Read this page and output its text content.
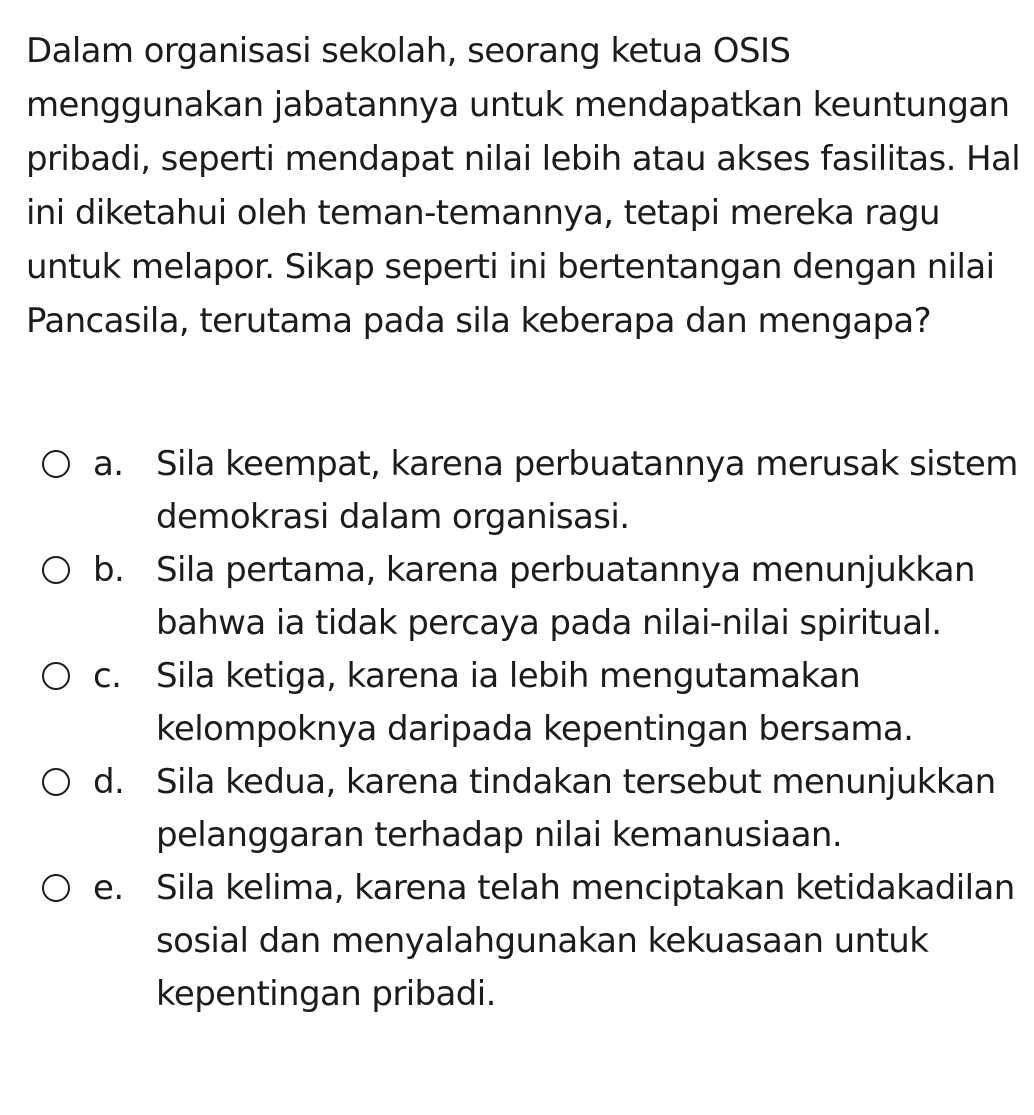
Dalam organisasi sekolah, seorang ketua OSIS menggunakan jabatannya untuk mendapatkan keuntungan pribadi, seperti mendapat nilai lebih atau akses fasilitas. Hal ini diketahui oleh teman-temannya, tetapi mereka ragu untuk melapor. Sikap seperti ini bertentangan dengan nilai Pancasila, terutama pada sila keberapa dan mengapa?

a. Sila keempat, karena perbuatannya merusak sistem demokrasi dalam organisasi.
b. Sila pertama, karena perbuatannya menunjukkan bahwa ia tidak percaya pada nilai-nilai spiritual.
c. Sila ketiga, karena ia lebih mengutamakan kelompoknya daripada kepentingan bersama.
d. Sila kedua, karena tindakan tersebut menunjukkan pelanggaran terhadap nilai kemanusiaan.
e. Sila kelima, karena telah menciptakan ketidakadilan sosial dan menyalahgunakan kekuasaan untuk kepentingan pribadi.
